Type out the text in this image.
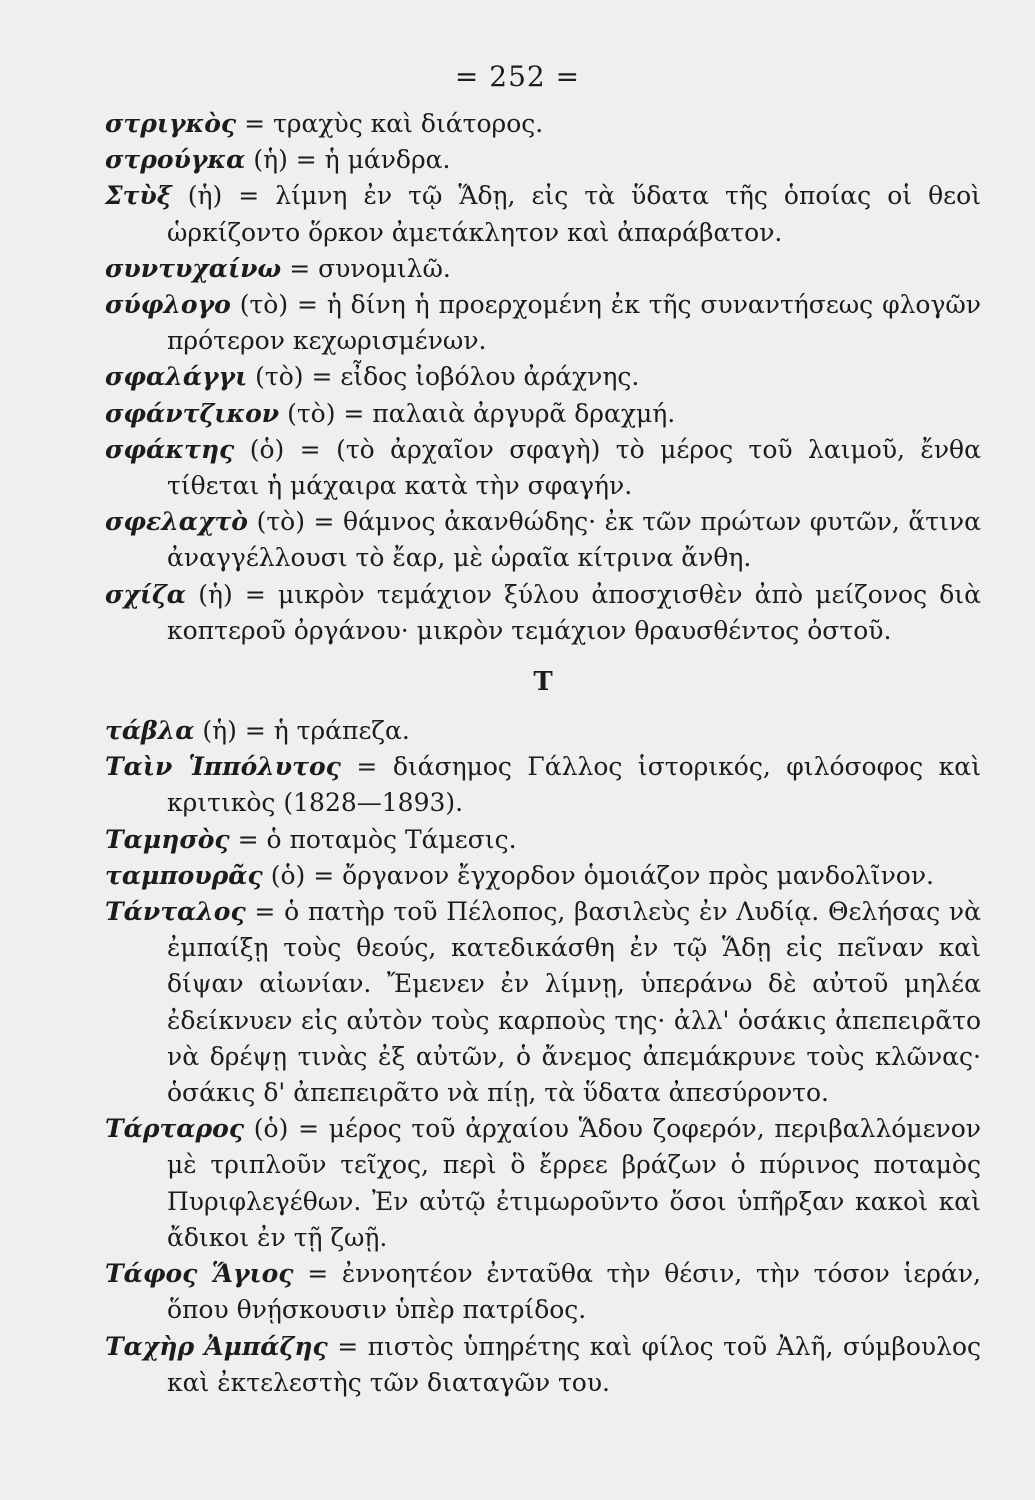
= 252 =
στριγκὸς = τραχὺς καὶ διάτορος.
στρούγκα (ἡ) = ἡ μάνδρα.
Στὺξ (ἡ) = λίμνη ἐν τῷ Ἅδῃ, εἰς τὰ ὕδατα τῆς ὁποίας οἱ θεοὶ ὡρκίζοντο ὅρκον ἀμετάκλητον καὶ ἀπαράβατον.
συντυχαίνω = συνομιλῶ.
σύφλογο (τὸ) = ἡ δίνη ἡ προερχομένη ἐκ τῆς συναντήσεως φλογῶν πρότερον κεχωρισμένων.
σφαλάγγι (τὸ) = εἶδος ἰοβόλου ἀράχνης.
σφάντζικον (τὸ) = παλαιὰ ἀργυρᾶ δραχμή.
σφάκτης (ὁ) = (τὸ ἀρχαῖον σφαγὴ) τὸ μέρος τοῦ λαιμοῦ, ἔνθα τίθεται ἡ μάχαιρα κατὰ τὴν σφαγήν.
σφελαχτὸ (τὸ) = θάμνος ἀκανθώδης· ἐκ τῶν πρώτων φυτῶν, ἅτινα ἀναγγέλλουσι τὸ ἔαρ, μὲ ὡραῖα κίτρινα ἄνθη.
σχίζα (ἡ) = μικρὸν τεμάχιον ξύλου ἀποσχισθὲν ἀπὸ μείζονος διὰ κοπτεροῦ ὀργάνου· μικρὸν τεμάχιον θραυσθέντος ὀστοῦ.
Τ
τάβλα (ἡ) = ἡ τράπεζα.
Ταὶν Ἱππόλυτος = διάσημος Γάλλος ἱστορικός, φιλόσοφος καὶ κριτικὸς (1828—1893).
Ταμησὸς = ὁ ποταμὸς Τάμεσις.
ταμπουρᾶς (ὁ) = ὄργανον ἔγχορδον ὁμοιάζον πρὸς μανδολῖνον.
Τάνταλος = ὁ πατὴρ τοῦ Πέλοπος, βασιλεὺς ἐν Λυδίᾳ. Θελήσας νὰ ἐμπαίξῃ τοὺς θεούς, κατεδικάσθη ἐν τῷ Ἅδῃ εἰς πεῖναν καὶ δίψαν αἰωνίαν. Ἔμενεν ἐν λίμνῃ, ὑπεράνω δὲ αὐτοῦ μηλέα ἐδείκνυεν εἰς αὐτὸν τοὺς καρποὺς της· ἀλλ' ὁσάκις ἀπεπειρᾶτο νὰ δρέψῃ τινὰς ἐξ αὐτῶν, ὁ ἄνεμος ἀπεμάκρυνε τοὺς κλῶνας· ὁσάκις δ' ἀπεπειρᾶτο νὰ πίῃ, τὰ ὕδατα ἀπεσύροντο.
Τάρταρος (ὁ) = μέρος τοῦ ἀρχαίου Ἅδου ζοφερόν, περιβαλλόμενον μὲ τριπλοῦν τεῖχος, περὶ ὃ ἔρρεε βράζων ὁ πύρινος ποταμὸς Πυριφλεγέθων. Ἐν αὐτῷ ἐτιμωροῦντο ὅσοι ὑπῆρξαν κακοὶ καὶ ἄδικοι ἐν τῇ ζωῇ.
Τάφος Ἅγιος = ἐννοητέον ἐνταῦθα τὴν θέσιν, τὴν τόσον ἱεράν, ὅπου θνῄσκουσιν ὑπὲρ πατρίδος.
Ταχὴρ Ἀμπάζης = πιστὸς ὑπηρέτης καὶ φίλος τοῦ Ἀλῆ, σύμβουλος καὶ ἐκτελεστὴς τῶν διαταγῶν του.
